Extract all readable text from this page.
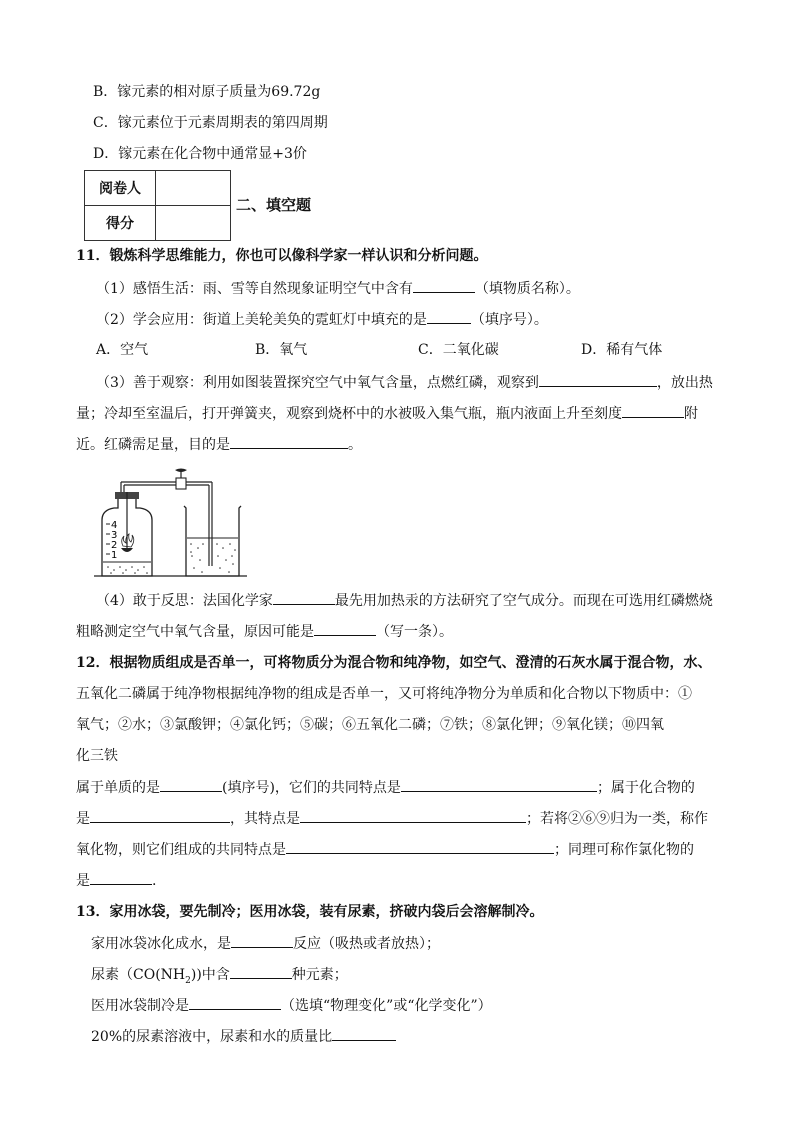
B．镓元素的相对原子质量为69.72g
C．镓元素位于元素周期表的第四周期
D．镓元素在化合物中通常显+3价
阅卷人	
得分	
二、填空题
11．锻炼科学思维能力，你也可以像科学家一样认识和分析问题。
（1）感悟生活：雨、雪等自然现象证明空气中含有	（填物质名称）。
（2）学会应用：街道上美轮美奂的霓虹灯中填充的是	（填序号）。
A．空气	B．氧气	C．二氧化碳	D．稀有气体
（3）善于观察：利用如图装置探究空气中氧气含量，点燃红磷，观察到	，放出热
量；冷却至室温后，打开弹簧夹，观察到烧杯中的水被吸入集气瓶，瓶内液面上升至刻度	附
近。红磷需足量，目的是	。
4
3
2
1
（4）敢于反思：法国化学家	最先用加热汞的方法研究了空气成分。而现在可选用红磷燃烧
粗略测定空气中氧气含量，原因可能是	（写一条）。
12．根据物质组成是否单一，可将物质分为混合物和纯净物，如空气、澄清的石灰水属于混合物，水、
五氧化二磷属于纯净物根据纯净物的组成是否单一，又可将纯净物分为单质和化合物以下物质中：①
氧气；②水；③氯酸钾；④氯化钙；⑤碳；⑥五氧化二磷；⑦铁；⑧氯化钾；⑨氧化镁；⑩四氧
化三铁
属于单质的是	(填序号)，它们的共同特点是	；属于化合物的
是	，其特点是	；若将②⑥⑨归为一类，称作
氧化物，则它们组成的共同特点是	；同理可称作氯化物的
是	.
13．家用冰袋，要先制冷；医用冰袋，装有尿素，挤破内袋后会溶解制冷。
家用冰袋冰化成水，是	反应（吸热或者放热）；
尿素$(CO(NH_2))$中含	种元素；
医用冰袋制冷是	（选填“物理变化”或“化学变化”）
20%的尿素溶液中，尿素和水的质量比
